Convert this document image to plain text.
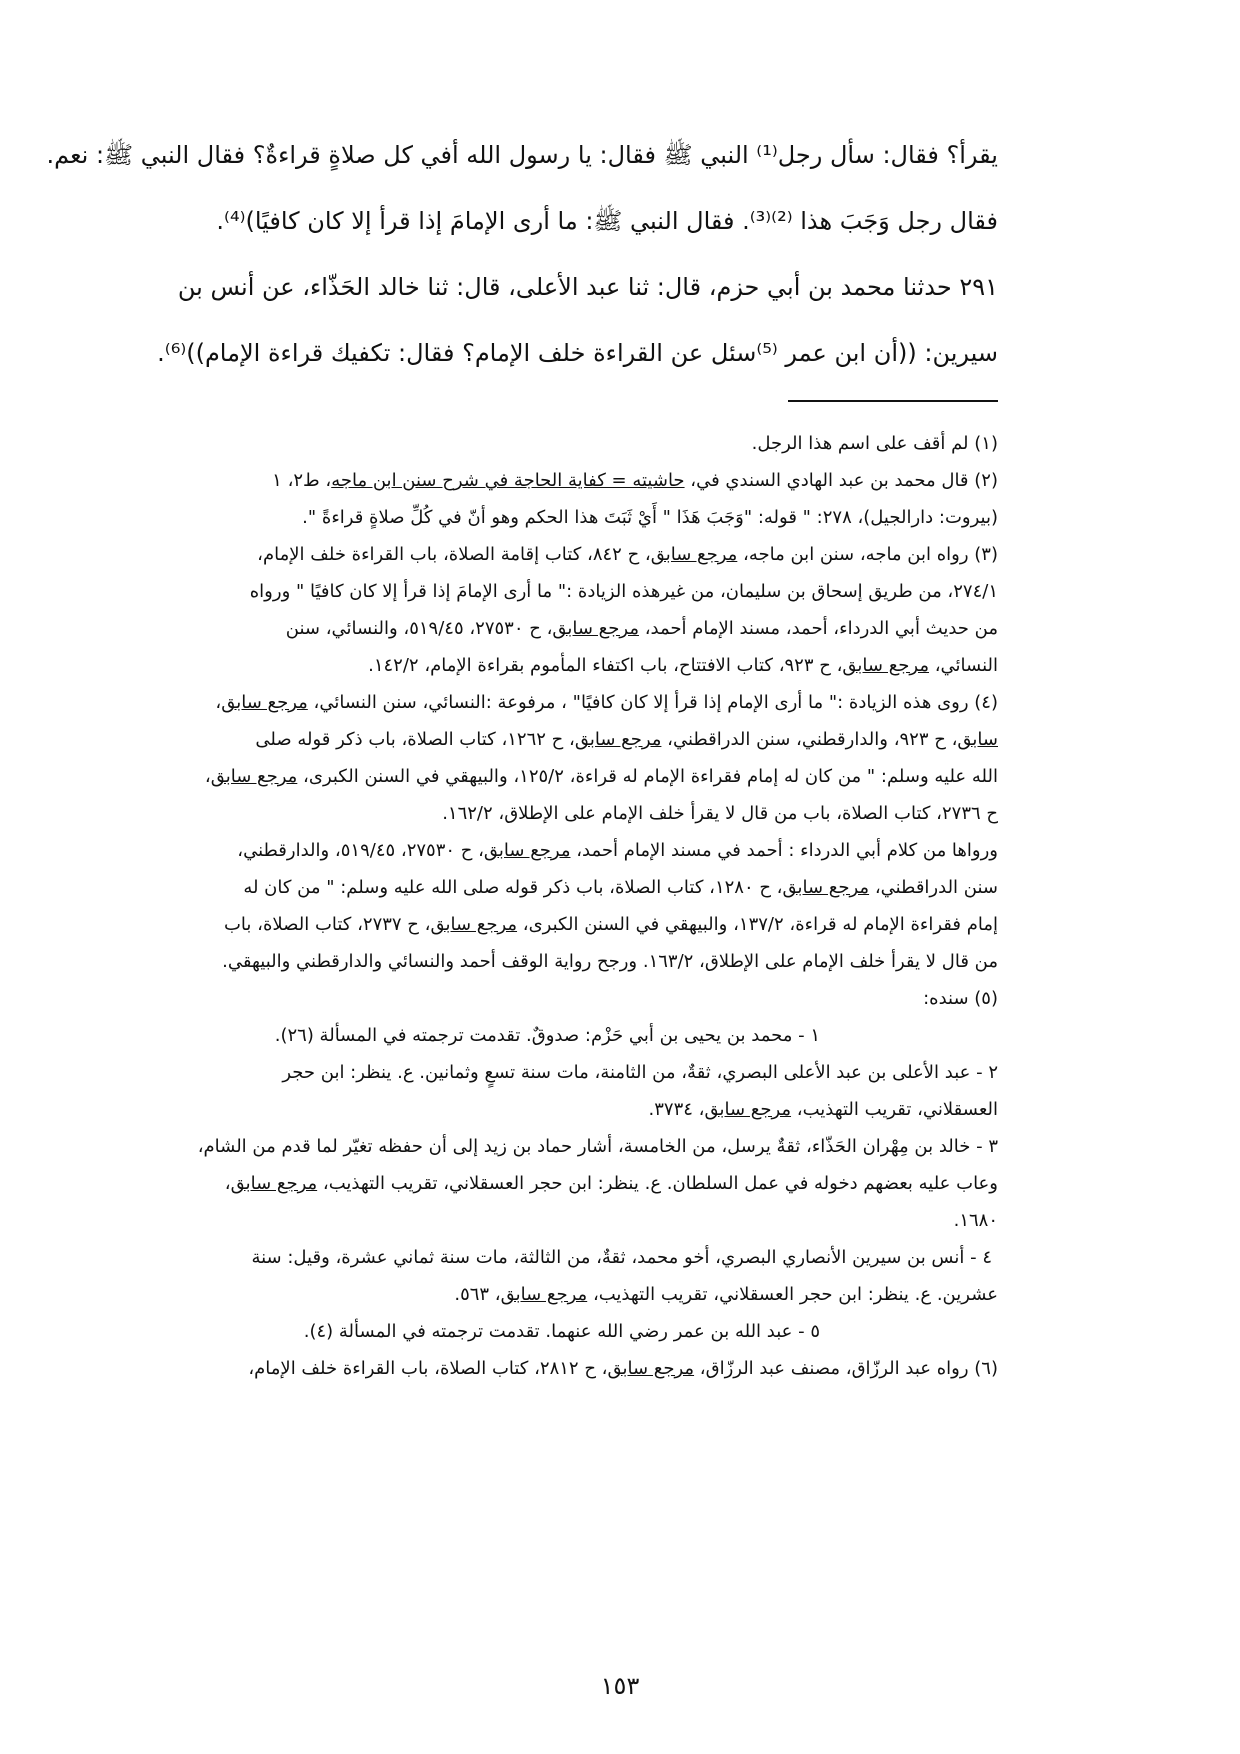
يقرأ؟ فقال: سأل رجل⁽¹⁾ النبي ﷺ فقال: يا رسول الله أفي كل صلاةٍ قراءةٌ؟ فقال النبي ﷺ: نعم.

فقال رجل وَجَبَ هذا ⁽²⁾⁽³⁾. فقال النبي ﷺ: ما أرى الإمامَ إذا قرأ إلا كان كافيًا)⁽⁴⁾.

٢٩١ حدثنا محمد بن أبي حزم، قال: ثنا عبد الأعلى، قال: ثنا خالد الحَذّاء، عن أنس بن

سيرين: ((أن ابن عمر ⁽⁵⁾سئل عن القراءة خلف الإمام؟ فقال: تكفيك قراءة الإمام))⁽⁶⁾.

(١) لم أقف على اسم هذا الرجل.

(٢) قال محمد بن عبد الهادي السندي في، حاشيته = كفاية الحاجة في شرح سنن ابن ماجه، ط٢، ١

(بيروت: دارالجيل)، ٢٧٨: " قوله: "وَجَبَ هَذَا " أَيْ ثَبَتَ هذا الحكم وهو أنّ في كُلِّ صلاةٍ قراءةً ".

(٣) رواه ابن ماجه، سنن ابن ماجه، مرجع سابق، ح ٨٤٢، كتاب إقامة الصلاة، باب القراءة خلف الإمام،

٢٧٤/١، من طريق إسحاق بن سليمان، من غيرهذه الزيادة :" ما أرى الإمامَ إذا قرأ إلا كان كافيًا " ورواه

من حديث أبي الدرداء، أحمد، مسند الإمام أحمد، مرجع سابق، ح ٢٧٥٣٠، ٥١٩/٤٥، والنسائي، سنن

النسائي، مرجع سابق، ح ٩٢٣، كتاب الافتتاح، باب اكتفاء المأموم بقراءة الإمام، ١٤٢/٢.

(٤) روى هذه الزيادة :" ما أرى الإمام إذا قرأ إلا كان كافيًا" ، مرفوعة :النسائي، سنن النسائي، مرجع سابق،

سابق، ح ٩٢٣، والدارقطني، سنن الدراقطني، مرجع سابق، ح ١٢٦٢، كتاب الصلاة، باب ذكر قوله صلى

الله عليه وسلم: " من كان له إمام فقراءة الإمام له قراءة، ١٢٥/٢، والبيهقي في السنن الكبرى، مرجع سابق،

ح ٢٧٣٦، كتاب الصلاة، باب من قال لا يقرأ خلف الإمام على الإطلاق، ١٦٢/٢.

ورواها من كلام أبي الدرداء : أحمد في مسند الإمام أحمد، مرجع سابق، ح ٢٧٥٣٠، ٥١٩/٤٥، والدارقطني،

سنن الدراقطني، مرجع سابق، ح ١٢٨٠، كتاب الصلاة، باب ذكر قوله صلى الله عليه وسلم: " من كان له

إمام فقراءة الإمام له قراءة، ١٣٧/٢، والبيهقي في السنن الكبرى، مرجع سابق، ح ٢٧٣٧، كتاب الصلاة، باب

من قال لا يقرأ خلف الإمام على الإطلاق، ١٦٣/٢. ورجح رواية الوقف أحمد والنسائي والدارقطني والبيهقي.

(٥) سنده:

١ - محمد بن يحيى بن أبي حَزْم: صدوقٌ. تقدمت ترجمته في المسألة (٢٦).

٢ - عبد الأعلى بن عبد الأعلى البصري، ثقةٌ، من الثامنة، مات سنة تسعٍ وثمانين. ع. ينظر: ابن حجر

العسقلاني، تقريب التهذيب، مرجع سابق، ٣٧٣٤.

٣ - خالد بن مِهْران الحَذّاء، ثقةٌ يرسل، من الخامسة، أشار حماد بن زيد إلى أن حفظه تغيّر لما قدم من الشام،

وعاب عليه بعضهم دخوله في عمل السلطان. ع. ينظر: ابن حجر العسقلاني، تقريب التهذيب، مرجع سابق،

١٦٨٠.

٤ - أنس بن سيرين الأنصاري البصري، أخو محمد، ثقةٌ، من الثالثة، مات سنة ثماني عشرة، وقيل: سنة

عشرين. ع. ينظر: ابن حجر العسقلاني، تقريب التهذيب، مرجع سابق، ٥٦٣.

٥ - عبد الله بن عمر رضي الله عنهما. تقدمت ترجمته في المسألة (٤).

(٦) رواه عبد الرزّاق، مصنف عبد الرزّاق، مرجع سابق، ح ٢٨١٢، كتاب الصلاة، باب القراءة خلف الإمام،

١٥٣
